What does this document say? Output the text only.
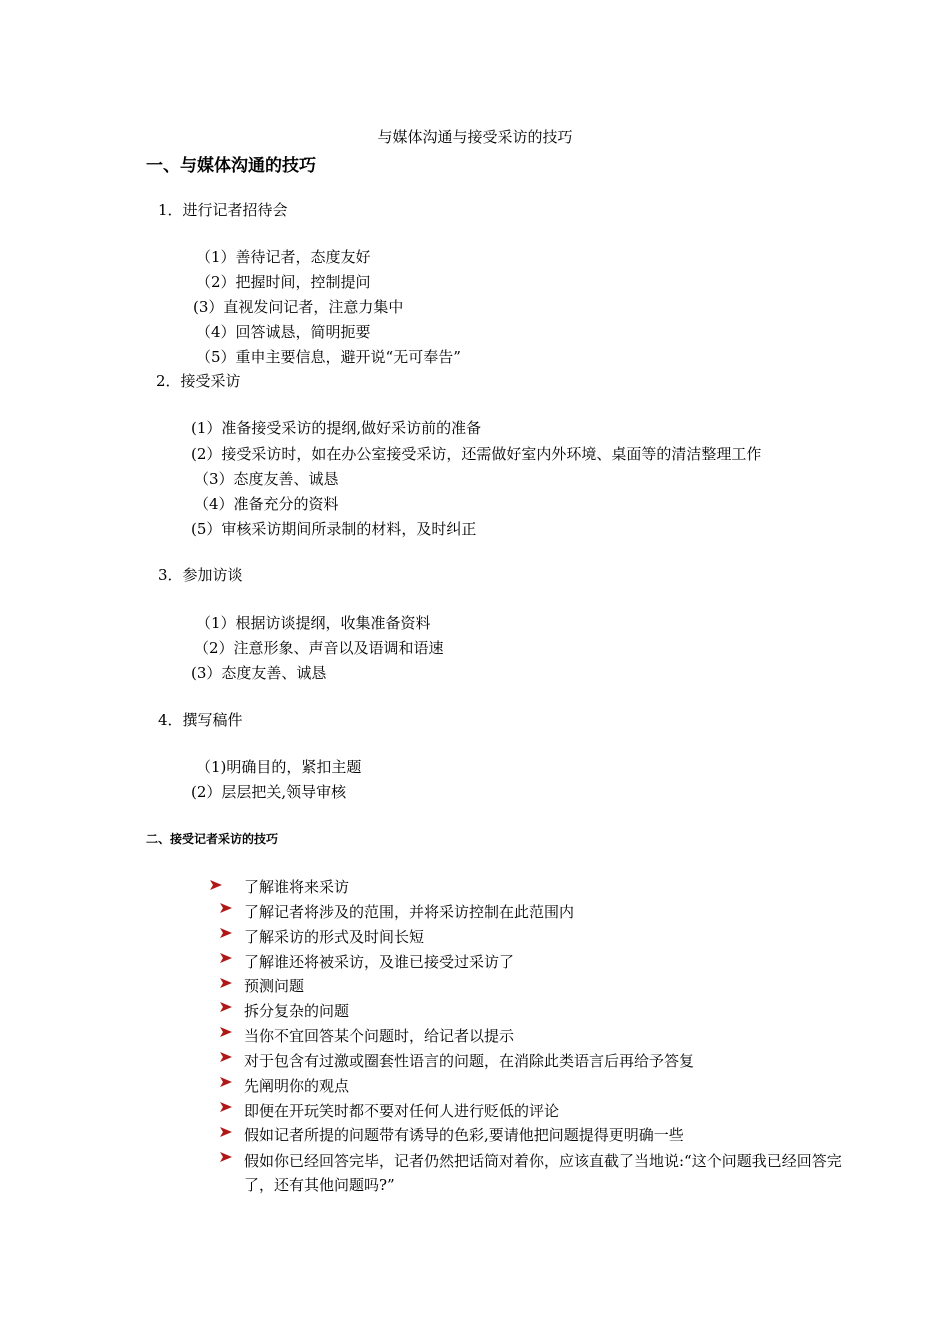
与媒体沟通与接受采访的技巧
一、与媒体沟通的技巧
1．进行记者招待会
（1）善待记者，态度友好
（2）把握时间，控制提问
(3）直视发问记者，注意力集中
（4）回答诚恳，简明扼要
（5）重申主要信息，避开说“无可奉告”
2．接受采访
(1）准备接受采访的提纲,做好采访前的准备
(2）接受采访时，如在办公室接受采访，还需做好室内外环境、桌面等的清洁整理工作
（3）态度友善、诚恳
（4）准备充分的资料
(5）审核采访期间所录制的材料，及时纠正
3．参加访谈
（1）根据访谈提纲，收集准备资料
（2）注意形象、声音以及语调和语速
(3）态度友善、诚恳
4．撰写稿件
（1)明确目的，紧扣主题
(2）层层把关,领导审核
二、接受记者采访的技巧
了解谁将来采访
了解记者将涉及的范围，并将采访控制在此范围内
了解采访的形式及时间长短
了解谁还将被采访，及谁已接受过采访了
预测问题
拆分复杂的问题
当你不宜回答某个问题时，给记者以提示
对于包含有过激或圈套性语言的问题，在消除此类语言后再给予答复
先阐明你的观点
即便在开玩笑时都不要对任何人进行贬低的评论
假如记者所提的问题带有诱导的色彩,要请他把问题提得更明确一些
假如你已经回答完毕，记者仍然把话筒对着你，应该直截了当地说:“这个问题我已经回答完
了，还有其他问题吗?”
